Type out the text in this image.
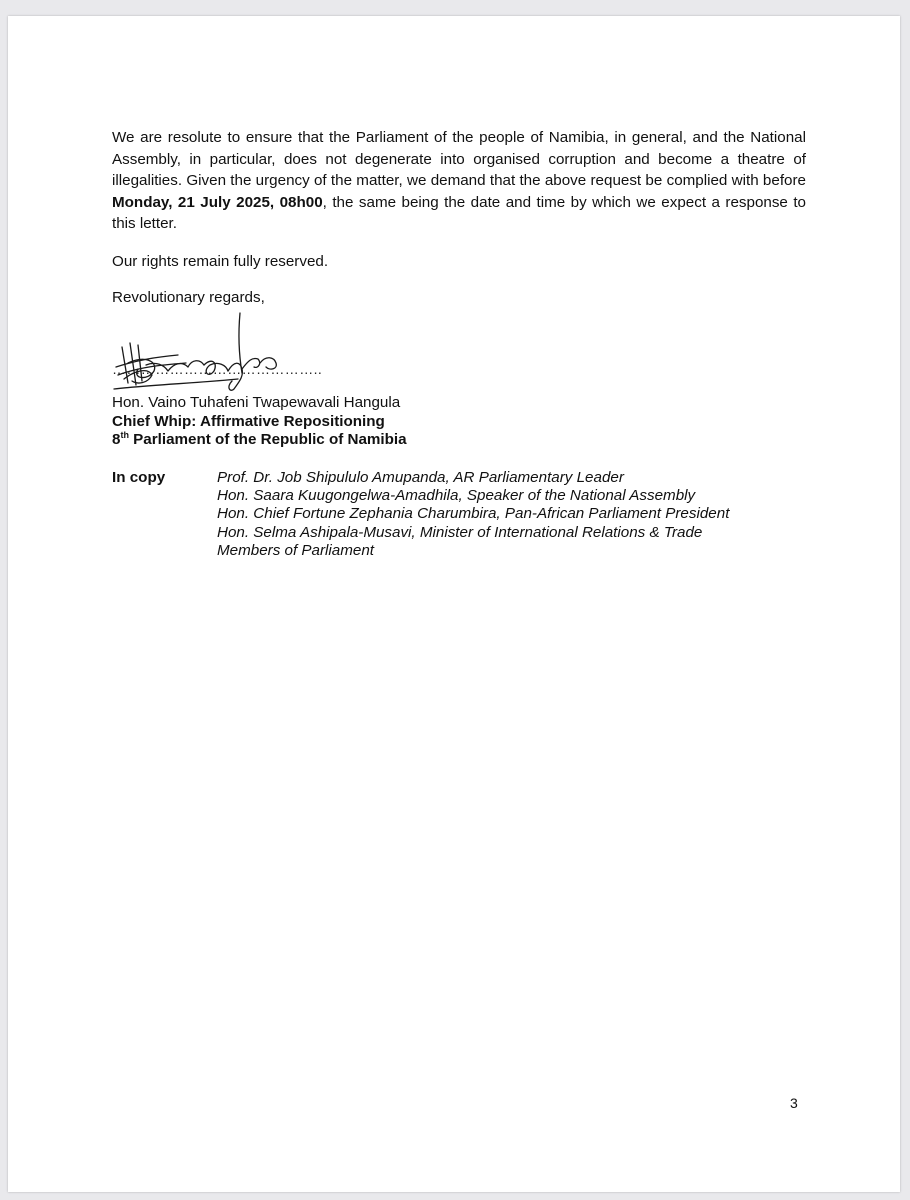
We are resolute to ensure that the Parliament of the people of Namibia, in general, and the National Assembly, in particular, does not degenerate into organised corruption and become a theatre of illegalities. Given the urgency of the matter, we demand that the above request be complied with before Monday, 21 July 2025, 08h00, the same being the date and time by which we expect a response to this letter.
Our rights remain fully reserved.
Revolutionary regards,
……………………………………..
Hon. Vaino Tuhafeni Twapewavali Hangula
Chief Whip: Affirmative Repositioning
8th Parliament of the Republic of Namibia
In copy	Prof. Dr. Job Shipululo Amupanda, AR Parliamentary Leader
Hon. Saara Kuugongelwa-Amadhila, Speaker of the National Assembly
Hon. Chief Fortune Zephania Charumbira, Pan-African Parliament President
Hon. Selma Ashipala-Musavi, Minister of International Relations & Trade
Members of Parliament
3
